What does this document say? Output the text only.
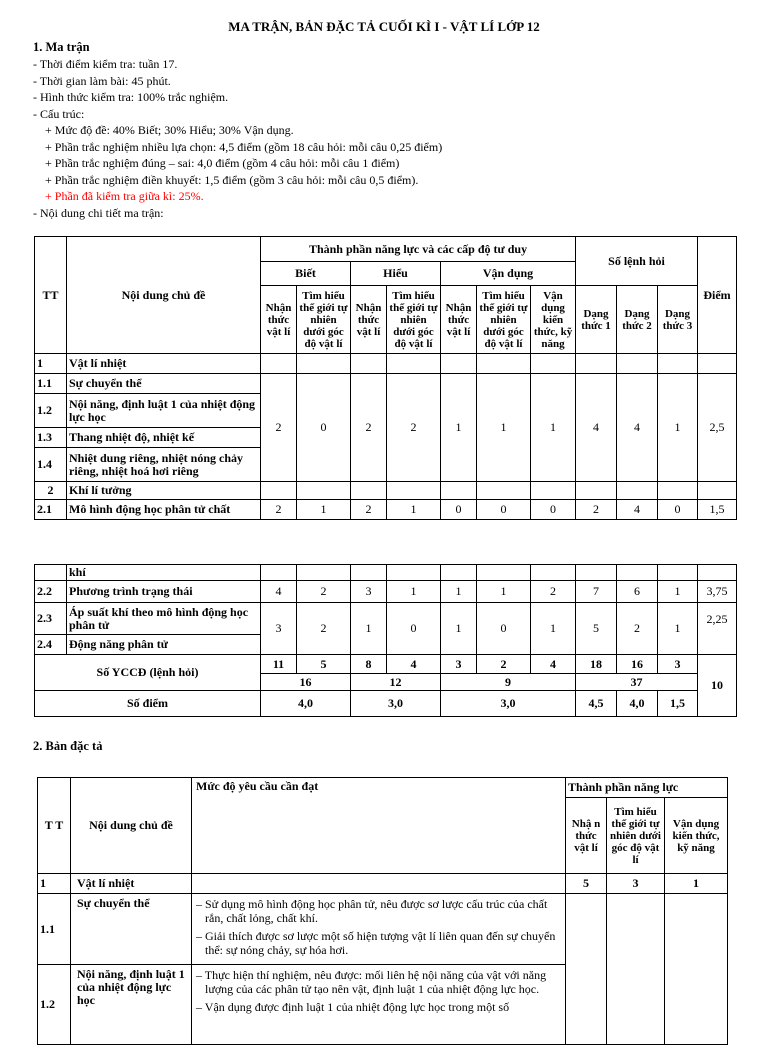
MA TRẬN, BẢN ĐẶC TẢ CUỐI KÌ I - VẬT LÍ LỚP 12
1. Ma trận
- Thời điểm kiểm tra: tuần 17.
- Thời gian làm bài: 45 phút.
- Hình thức kiểm tra: 100% trắc nghiệm.
- Cấu trúc:
+ Mức độ đề: 40% Biết; 30% Hiểu; 30% Vận dụng.
+ Phần trắc nghiệm nhiều lựa chọn: 4,5 điểm (gồm 18 câu hỏi: mỗi câu 0,25 điểm)
+ Phần trắc nghiệm đúng – sai: 4,0 điểm (gồm 4 câu hỏi: mỗi câu 1 điểm)
+ Phần trắc nghiệm điền khuyết: 1,5 điểm (gồm 3 câu hỏi: mỗi câu 0,5 điểm).
+ Phần đã kiểm tra giữa kì: 25%.
- Nội dung chi tiết ma trận:
TT	Nội dung chủ đề	Thành phần năng lực và các cấp độ tư duy							Số lệnh hỏi			Điểm
		Biết		Hiểu		Vận dụng						
		Nhận thức vật lí	Tìm hiểu thế giới tự nhiên dưới góc độ vật lí	Nhận thức vật lí	Tìm hiểu thế giới tự nhiên dưới góc độ vật lí	Nhận thức vật lí	Tìm hiểu thế giới tự nhiên dưới góc độ vật lí	Vận dụng kiến thức, kỹ năng	Dạng thức 1	Dạng thức 2	Dạng thức 3	
1	Vật lí nhiệt											
1.1	Sự chuyển thể	2	0	2	2	1	1	1	4	4	1	2,5
1.2	Nội năng, định luật 1 của nhiệt động lực học											
1.3	Thang nhiệt độ, nhiệt kế											
1.4	Nhiệt dung riêng, nhiệt nóng chảy riêng, nhiệt hoá hơi riêng											
2	Khí lí tưởng											
2.1	Mô hình động học phân tử chất	2	1	2	1	0	0	0	2	4	0	1,5
	khí											
2.2	Phương trình trạng thái	4	2	3	1	1	1	2	7	6	1	3,75
2.3	Áp suất khí theo mô hình động học phân tử	3	2	1	0	1	0	1	5	2	1	2,25
2.4	Động năng phân tử											
Số YCCĐ (lệnh hỏi)		11	5	8	4	3	2	4	18	16	3	10
		16		12		9			37			
Số điểm		4,0		3,0		3,0			4,5	4,0	1,5	
2. Bản đặc tả
T T	Nội dung chủ đề	Mức độ yêu cầu cần đạt	Thành phần năng lực		
			Nhậ n thức vật lí	Tìm hiểu thế giới tự nhiên dưới góc độ vật lí	Vận dụng kiến thức, kỹ năng
1	Vật lí nhiệt		5	3	1
1.1	Sự chuyển thể	– Sử dụng mô hình động học phân tử, nêu được sơ lược cấu trúc của chất rắn, chất lỏng, chất khí.

– Giải thích được sơ lược một số hiện tượng vật lí liên quan đến sự chuyển thể: sự nóng chảy, sự hóa hơi.			

1.2	Nội năng, định luật 1 của nhiệt động lực học	– Thực hiện thí nghiệm, nêu được: mối liên hệ nội năng của vật với năng lượng của các phân tử tạo nên vật, định luật 1 của nhiệt động lực học.

– Vận dụng được định luật 1 của nhiệt động lực học trong một số			
